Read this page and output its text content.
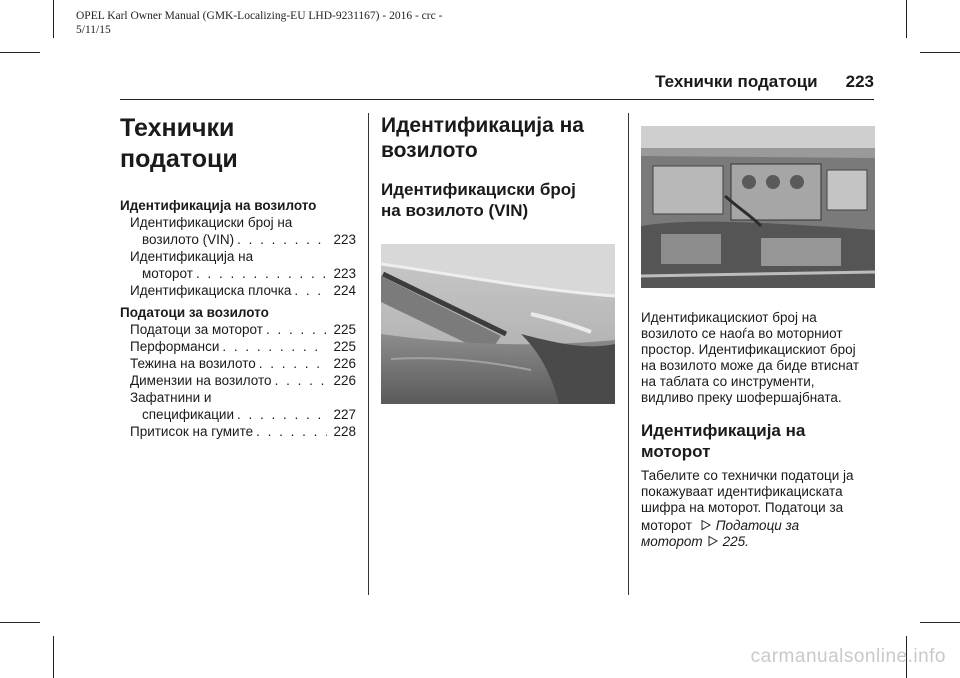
OPEL Karl Owner Manual (GMK-Localizing-EU LHD-9231167) - 2016 - crc -
5/11/15
Технички податоци 223
Технички
податоци
Идентификација на возилото
Идентификациски број на
возилото (VIN) . . .	223
Идентификација на
моторот . . .	223
Идентификациска плочка . . .	224
Податоци за возилото
Податоци за моторот . . .	225
Перформанси . . .	225
Тежина на возилото . . .	226
Димензии на возилото . . .	226
Зафатнини и
спецификации . . .	227
Притисок на гумите . . .	228
Идентификација на
возилото
Идентификациски број
на возилото (VIN)
Идентификацискиот број на
возилото се наоѓа во моторниот
простор. Идентификацискиот број
на возилото може да биде втиснат
на таблата со инструменти,
видливо преку шофершајбната.
Идентификација на
моторот
Табелите со технички податоци ја
покажуваат идентификациската
шифра на моторот. Податоци за
моторот Податоци за
моторот 225.
carmanualsonline.info
